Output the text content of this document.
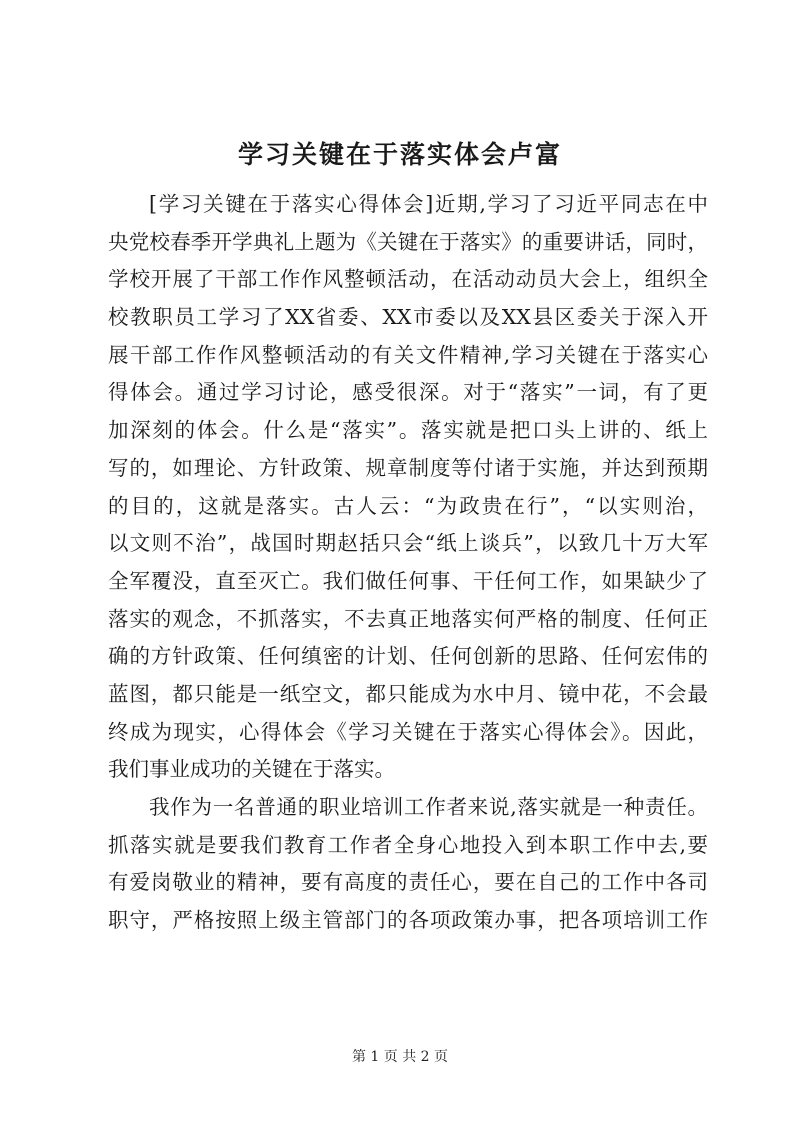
学习关键在于落实体会卢富
[学习关键在于落实心得体会]近期,学习了习近平同志在中
央党校春季开学典礼上题为《关键在于落实》的重要讲话，同时，
学校开展了干部工作作风整顿活动，在活动动员大会上，组织全
校教职员工学习了XX省委、XX市委以及XX县区委关于深入开
展干部工作作风整顿活动的有关文件精神,学习关键在于落实心
得体会。通过学习讨论，感受很深。对于“落实”一词，有了更
加深刻的体会。什么是“落实”。落实就是把口头上讲的、纸上
写的，如理论、方针政策、规章制度等付诸于实施，并达到预期
的目的，这就是落实。古人云：“为政贵在行”，“以实则治，
以文则不治”，战国时期赵括只会“纸上谈兵”，以致几十万大军
全军覆没，直至灭亡。我们做任何事、干任何工作，如果缺少了
落实的观念，不抓落实，不去真正地落实何严格的制度、任何正
确的方针政策、任何缜密的计划、任何创新的思路、任何宏伟的
蓝图，都只能是一纸空文，都只能成为水中月、镜中花，不会最
终成为现实，心得体会《学习关键在于落实心得体会》。因此，
我们事业成功的关键在于落实。
我作为一名普通的职业培训工作者来说,落实就是一种责任。
抓落实就是要我们教育工作者全身心地投入到本职工作中去,要
有爱岗敬业的精神，要有高度的责任心，要在自己的工作中各司
职守，严格按照上级主管部门的各项政策办事，把各项培训工作
第 1 页 共 2 页
